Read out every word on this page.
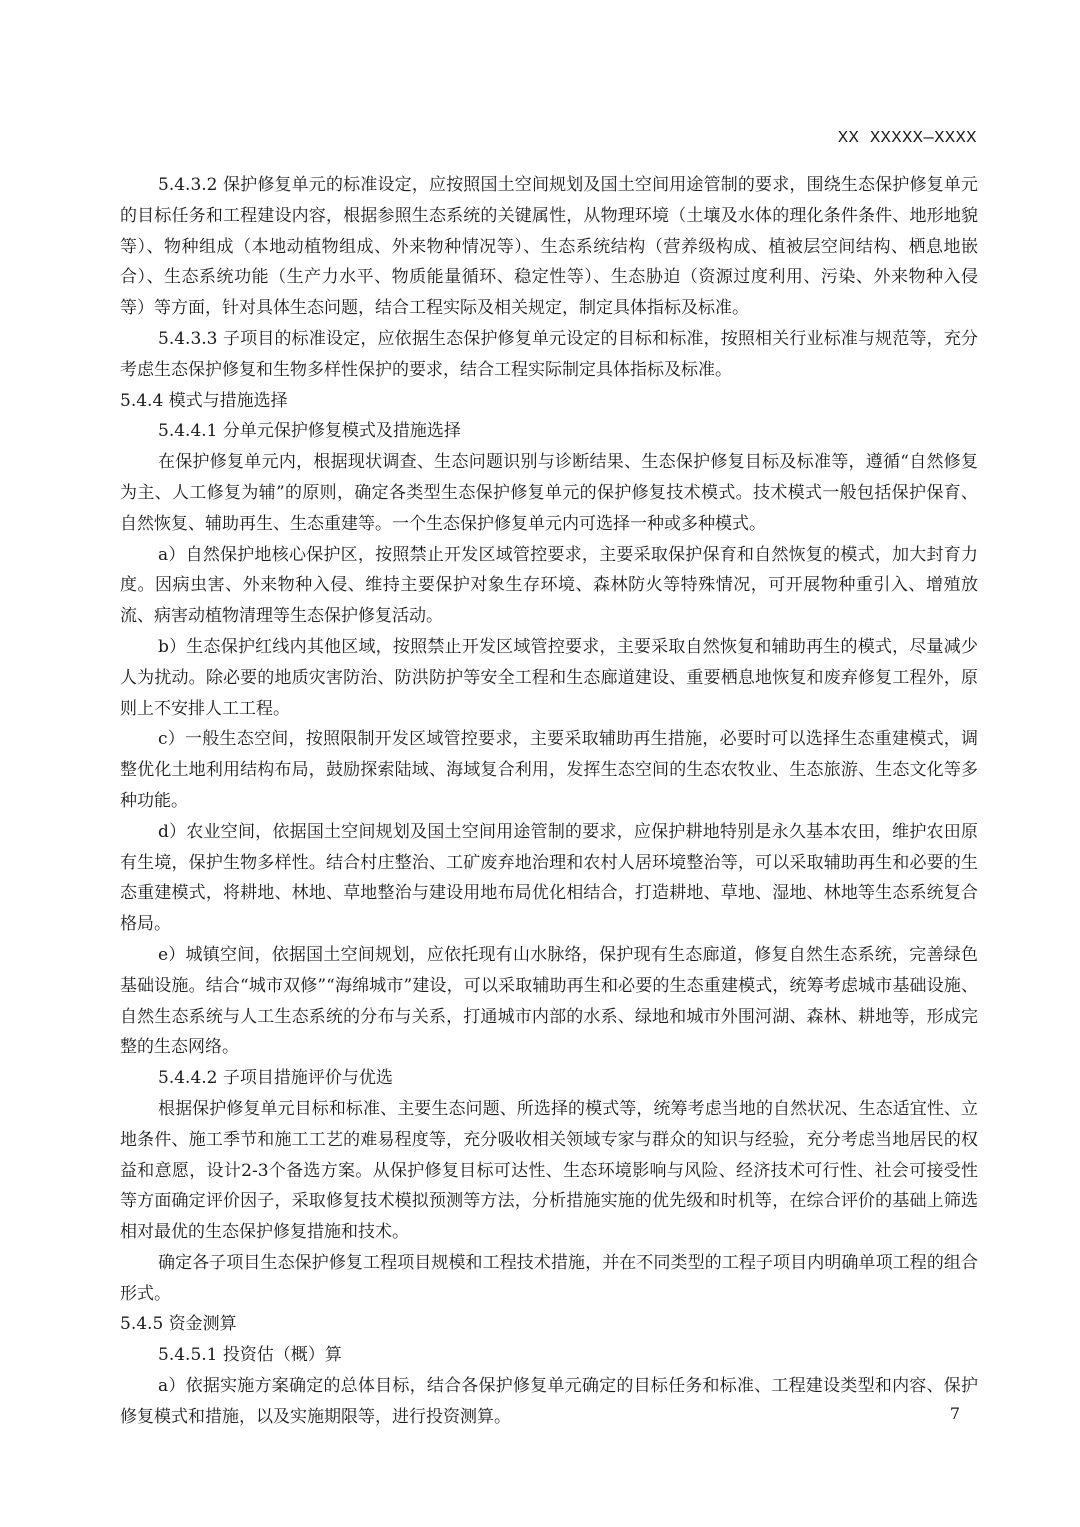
XX XXXXX—XXXX

5.4.3.2 保护修复单元的标准设定，应按照国土空间规划及国土空间用途管制的要求，围绕生态保护修复单元的目标任务和工程建设内容，根据参照生态系统的关键属性，从物理环境（土壤及水体的理化条件条件、地形地貌等）、物种组成（本地动植物组成、外来物种情况等）、生态系统结构（营养级构成、植被层空间结构、栖息地嵌合）、生态系统功能（生产力水平、物质能量循环、稳定性等）、生态胁迫（资源过度利用、污染、外来物种入侵等）等方面，针对具体生态问题，结合工程实际及相关规定，制定具体指标及标准。

5.4.3.3 子项目的标准设定，应依据生态保护修复单元设定的目标和标准，按照相关行业标准与规范等，充分考虑生态保护修复和生物多样性保护的要求，结合工程实际制定具体指标及标准。

5.4.4 模式与措施选择

5.4.4.1 分单元保护修复模式及措施选择

在保护修复单元内，根据现状调查、生态问题识别与诊断结果、生态保护修复目标及标准等，遵循“自然修复为主、人工修复为辅”的原则，确定各类型生态保护修复单元的保护修复技术模式。技术模式一般包括保护保育、自然恢复、辅助再生、生态重建等。一个生态保护修复单元内可选择一种或多种模式。

a）自然保护地核心保护区，按照禁止开发区域管控要求，主要采取保护保育和自然恢复的模式，加大封育力度。因病虫害、外来物种入侵、维持主要保护对象生存环境、森林防火等特殊情况，可开展物种重引入、增殖放流、病害动植物清理等生态保护修复活动。

b）生态保护红线内其他区域，按照禁止开发区域管控要求，主要采取自然恢复和辅助再生的模式，尽量减少人为扰动。除必要的地质灾害防治、防洪防护等安全工程和生态廊道建设、重要栖息地恢复和废弃修复工程外，原则上不安排人工工程。

c）一般生态空间，按照限制开发区域管控要求，主要采取辅助再生措施，必要时可以选择生态重建模式，调整优化土地利用结构布局，鼓励探索陆域、海域复合利用，发挥生态空间的生态农牧业、生态旅游、生态文化等多种功能。

d）农业空间，依据国土空间规划及国土空间用途管制的要求，应保护耕地特别是永久基本农田，维护农田原有生境，保护生物多样性。结合村庄整治、工矿废弃地治理和农村人居环境整治等，可以采取辅助再生和必要的生态重建模式，将耕地、林地、草地整治与建设用地布局优化相结合，打造耕地、草地、湿地、林地等生态系统复合格局。

e）城镇空间，依据国土空间规划，应依托现有山水脉络，保护现有生态廊道，修复自然生态系统，完善绿色基础设施。结合“城市双修”“海绵城市”建设，可以采取辅助再生和必要的生态重建模式，统筹考虑城市基础设施、自然生态系统与人工生态系统的分布与关系，打通城市内部的水系、绿地和城市外围河湖、森林、耕地等，形成完整的生态网络。

5.4.4.2 子项目措施评价与优选

根据保护修复单元目标和标准、主要生态问题、所选择的模式等，统筹考虑当地的自然状况、生态适宜性、立地条件、施工季节和施工工艺的难易程度等，充分吸收相关领域专家与群众的知识与经验，充分考虑当地居民的权益和意愿，设计2-3个备选方案。从保护修复目标可达性、生态环境影响与风险、经济技术可行性、社会可接受性等方面确定评价因子，采取修复技术模拟预测等方法，分析措施实施的优先级和时机等，在综合评价的基础上筛选相对最优的生态保护修复措施和技术。

确定各子项目生态保护修复工程项目规模和工程技术措施，并在不同类型的工程子项目内明确单项工程的组合形式。

5.4.5 资金测算

5.4.5.1 投资估（概）算

a）依据实施方案确定的总体目标，结合各保护修复单元确定的目标任务和标准、工程建设类型和内容、保护修复模式和措施，以及实施期限等，进行投资测算。	7
